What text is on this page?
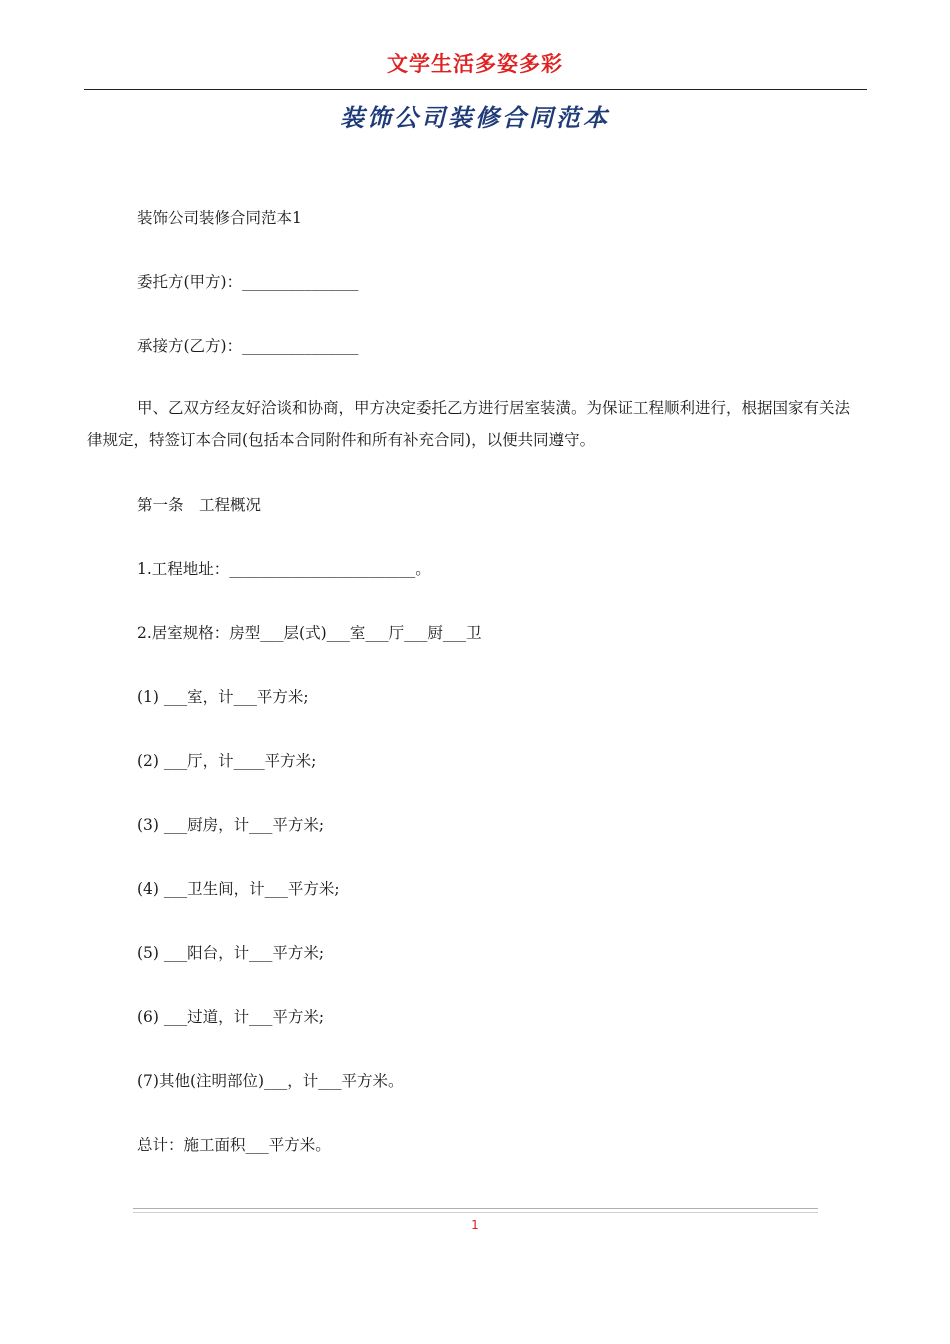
文学生活多姿多彩
装饰公司装修合同范本
装饰公司装修合同范本1
委托方(甲方)：_______________
承接方(乙方)：_______________
甲、乙双方经友好洽谈和协商，甲方决定委托乙方进行居室装潢。为保证工程顺利进行，根据国家有关法律规定，特签订本合同(包括本合同附件和所有补充合同)，以便共同遵守。
第一条　工程概况
1.工程地址：________________________。
2.居室规格：房型___层(式)___室___厅___厨___卫
(1) ___室，计___平方米;
(2) ___厅，计____平方米;
(3) ___厨房，计___平方米;
(4) ___卫生间，计___平方米;
(5) ___阳台，计___平方米;
(6) ___过道，计___平方米;
(7)其他(注明部位)___，计___平方米。
总计：施工面积___平方米。
1
